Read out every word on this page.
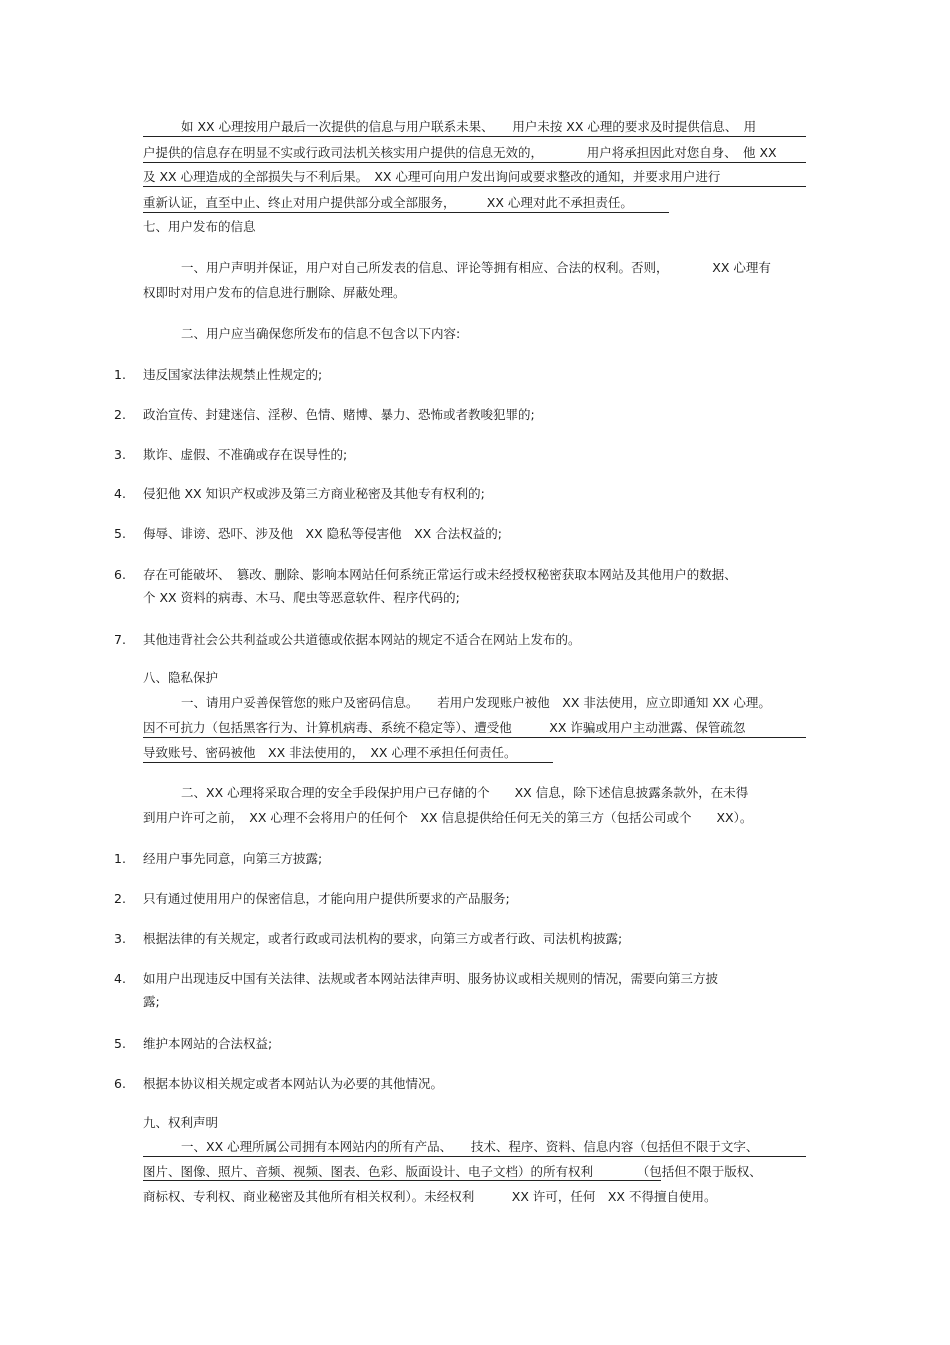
如 XX 心理按用户最后一次提供的信息与用户联系未果、　　用户未按 XX 心理的要求及时提供信息、　用
户提供的信息存在明显不实或行政司法机关核实用户提供的信息无效的，　　　　用户将承担因此对您自身、　他 XX
及 XX 心理造成的全部损失与不利后果。　XX 心理可向用户发出询问或要求整改的通知，并要求用户进行
重新认证，直至中止、终止对用户提供部分或全部服务，　　　XX 心理对此不承担责任。
七、用户发布的信息
一、用户声明并保证，用户对自己所发表的信息、评论等拥有相应、合法的权利。否则，　　　　XX 心理有
权即时对用户发布的信息进行删除、屏蔽处理。
二、用户应当确保您所发布的信息不包含以下内容:
1.	违反国家法律法规禁止性规定的;
2.	政治宣传、封建迷信、淫秽、色情、赌博、暴力、恐怖或者教唆犯罪的;
3.	欺诈、虚假、不准确或存在误导性的;
4.	侵犯他 XX 知识产权或涉及第三方商业秘密及其他专有权利的;
5.	侮辱、诽谤、恐吓、涉及他　XX 隐私等侵害他　XX 合法权益的;
6.	存在可能破坏、　篡改、删除、影响本网站任何系统正常运行或未经授权秘密获取本网站及其他用户的数据、
个 XX 资料的病毒、木马、爬虫等恶意软件、程序代码的;
7.	其他违背社会公共利益或公共道德或依据本网站的规定不适合在网站上发布的。
八、隐私保护
一、请用户妥善保管您的账户及密码信息。　　若用户发现账户被他　XX 非法使用，应立即通知 XX 心理。
因不可抗力（包括黑客行为、计算机病毒、系统不稳定等）、遭受他　　　XX 诈骗或用户主动泄露、保管疏忽
导致账号、密码被他　XX 非法使用的，　XX 心理不承担任何责任。
二、XX 心理将采取合理的安全手段保护用户已存储的个　　XX 信息，除下述信息披露条款外，在未得
到用户许可之前，　XX 心理不会将用户的任何个　XX 信息提供给任何无关的第三方（包括公司或个　　XX）。
1.	经用户事先同意，向第三方披露;
2.	只有通过使用用户的保密信息，才能向用户提供所要求的产品服务;
3.	根据法律的有关规定，或者行政或司法机构的要求，向第三方或者行政、司法机构披露;
4.	如用户出现违反中国有关法律、法规或者本网站法律声明、服务协议或相关规则的情况，需要向第三方披
露;
5.	维护本网站的合法权益;
6.	根据本协议相关规定或者本网站认为必要的其他情况。
九、权利声明
一、XX 心理所属公司拥有本网站内的所有产品、　　技术、程序、资料、信息内容（包括但不限于文字、
图片、图像、照片、音频、视频、图表、色彩、版面设计、电子文档）的所有权利　　　　（包括但不限于版权、
商标权、专利权、商业秘密及其他所有相关权利）。未经权利　　　XX 许可，任何　XX 不得擅自使用。
